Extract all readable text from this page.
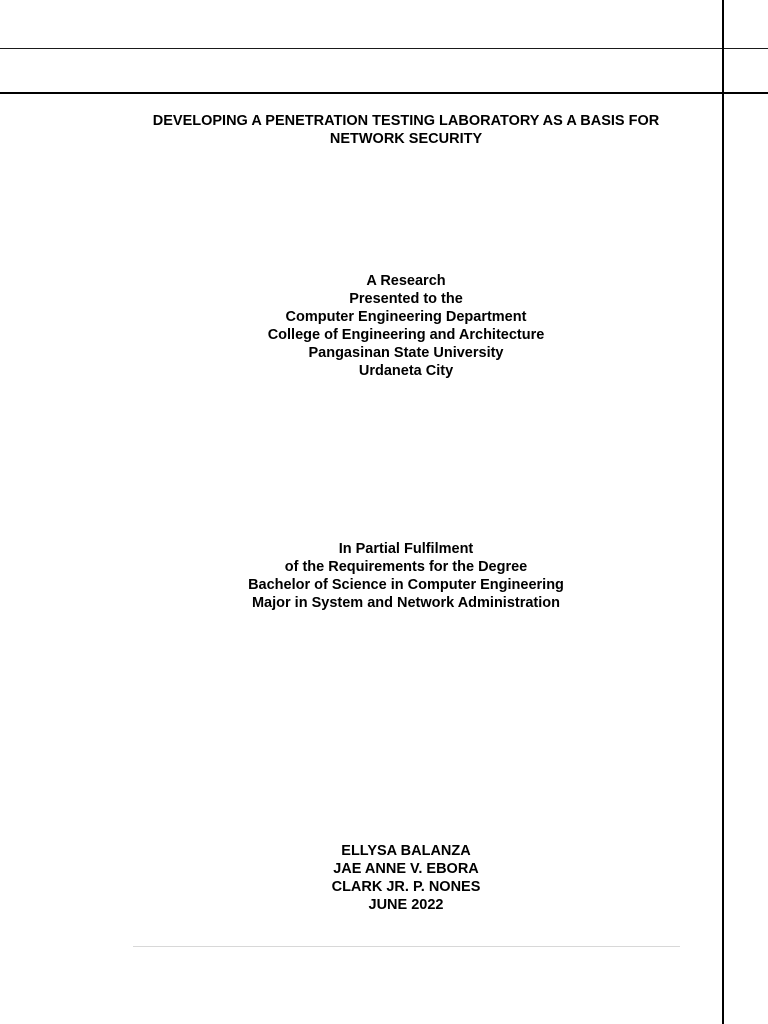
DEVELOPING A PENETRATION TESTING LABORATORY AS A BASIS FOR
NETWORK SECURITY
A Research
Presented to the
Computer Engineering Department
College of Engineering and Architecture
Pangasinan State University
Urdaneta City
In Partial Fulfilment
of the Requirements for the Degree
Bachelor of Science in Computer Engineering
Major in System and Network Administration
ELLYSA BALANZA
JAE ANNE V. EBORA
CLARK JR. P. NONES
JUNE 2022
